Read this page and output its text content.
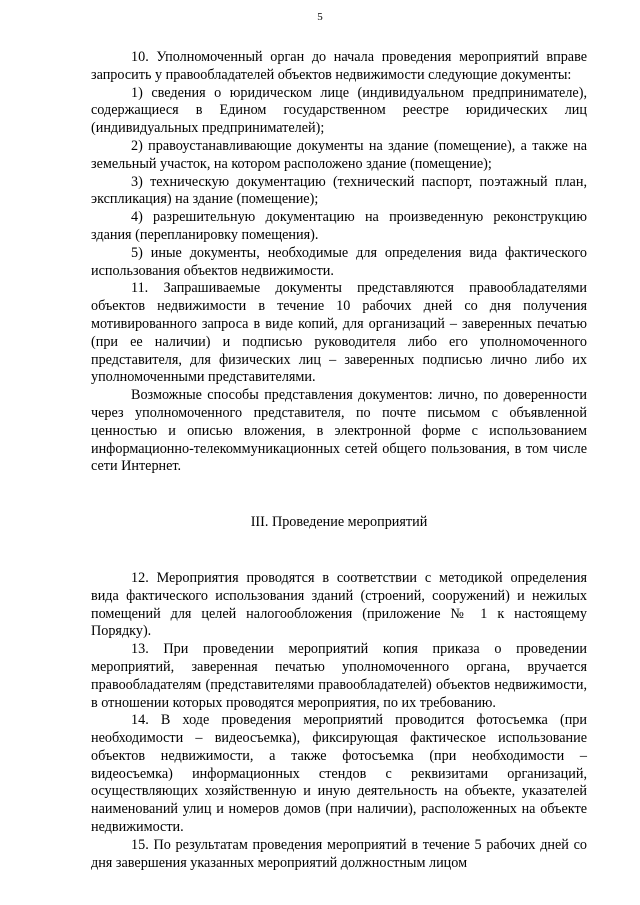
5

10. Уполномоченный орган до начала проведения мероприятий вправе запросить у правообладателей объектов недвижимости следующие документы:

1) сведения о юридическом лице (индивидуальном предпринимателе), содержащиеся в Едином государственном реестре юридических лиц (индивидуальных предпринимателей);

2) правоустанавливающие документы на здание (помещение), а также на земельный участок, на котором расположено здание (помещение);

3) техническую документацию (технический паспорт, поэтажный план, экспликация) на здание (помещение);

4) разрешительную документацию на произведенную реконструкцию здания (перепланировку помещения).

5) иные документы, необходимые для определения вида фактического использования объектов недвижимости.

11. Запрашиваемые документы представляются правообладателями объектов недвижимости в течение 10 рабочих дней со дня получения мотивированного запроса в виде копий, для организаций – заверенных печатью (при ее наличии) и подписью руководителя либо его уполномоченного представителя, для физических лиц – заверенных подписью лично либо их уполномоченными представителями.

Возможные способы представления документов: лично, по доверенности через уполномоченного представителя, по почте письмом с объявленной ценностью и описью вложения, в электронной форме с использованием информационно-телекоммуникационных сетей общего пользования, в том числе сети Интернет.

III. Проведение мероприятий

12. Мероприятия проводятся в соответствии с методикой определения вида фактического использования зданий (строений, сооружений) и нежилых помещений для целей налогообложения (приложение № 1 к настоящему Порядку).

13. При проведении мероприятий копия приказа о проведении мероприятий, заверенная печатью уполномоченного органа, вручается правообладателям (представителями правообладателей) объектов недвижимости, в отношении которых проводятся мероприятия, по их требованию.

14. В ходе проведения мероприятий проводится фотосъемка (при необходимости – видеосъемка), фиксирующая фактическое использование объектов недвижимости, а также фотосъемка (при необходимости – видеосъемка) информационных стендов с реквизитами организаций, осуществляющих хозяйственную и иную деятельность на объекте, указателей наименований улиц и номеров домов (при наличии), расположенных на объекте недвижимости.

15. По результатам проведения мероприятий в течение 5 рабочих дней со дня завершения указанных мероприятий должностным лицом
